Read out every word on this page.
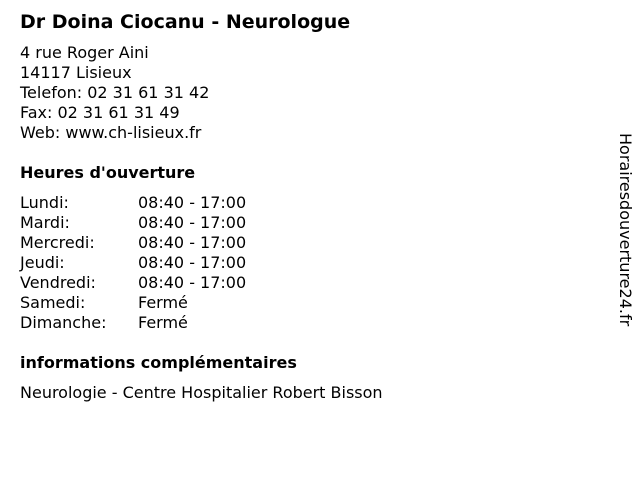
Dr Doina Ciocanu - Neurologue
4 rue Roger Aini
14117 Lisieux
Telefon: 02 31 61 31 42
Fax: 02 31 61 31 49
Web: www.ch-lisieux.fr
Heures d'ouverture
Lundi:	08:40 - 17:00
Mardi:	08:40 - 17:00
Mercredi:	08:40 - 17:00
Jeudi:	08:40 - 17:00
Vendredi:	08:40 - 17:00
Samedi:	Fermé
Dimanche: Fermé
informations complémentaires
Neurologie - Centre Hospitalier Robert Bisson
Horairesdouverture24.fr
